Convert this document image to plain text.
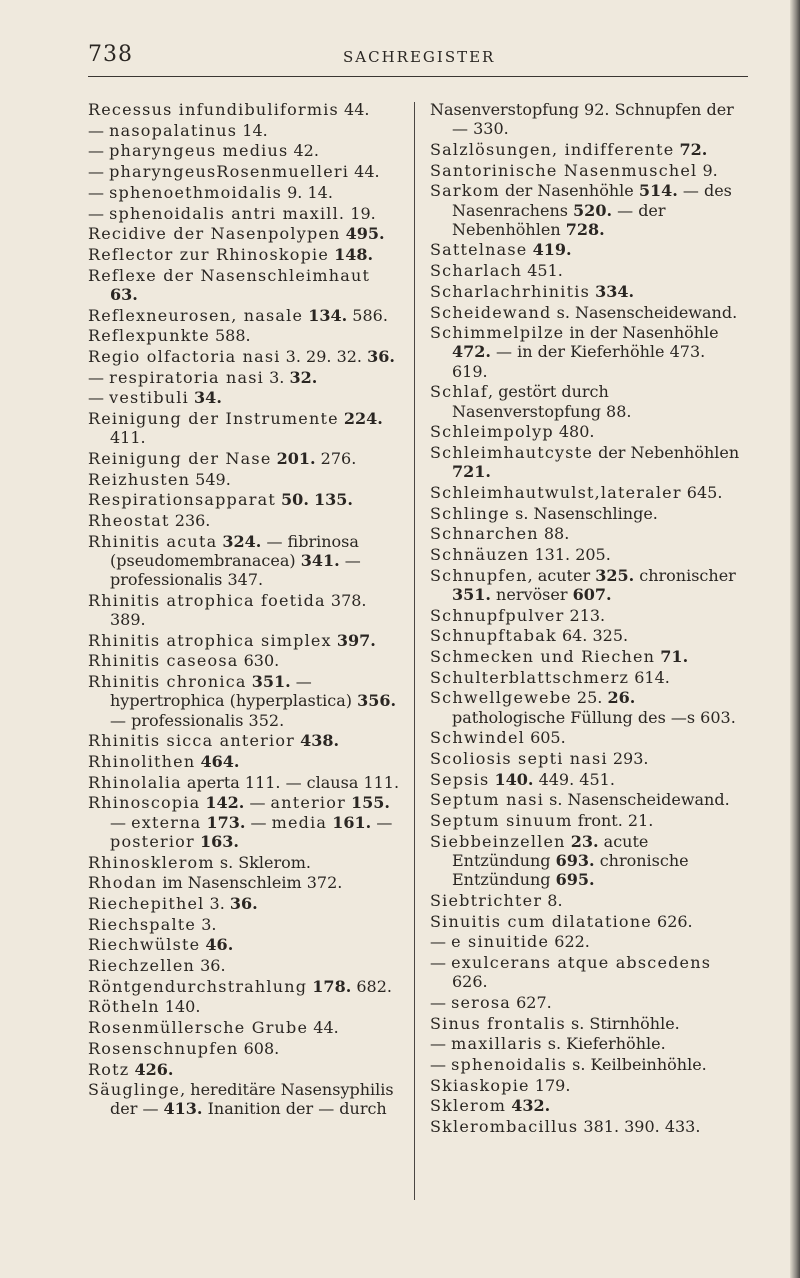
738	SACHREGISTER
Recessus infundibuliformis 44.
— nasopalatinus 14.
— pharyngeus medius 42.
— pharyngeusRosenmuelleri 44.
— sphenoethmoidalis 9. 14.
— sphenoidalis antri maxill. 19.
Recidive der Nasenpolypen 495.
Reflector zur Rhinoskopie 148.
Reflexe der Nasenschleimhaut 63.
Reflexneurosen, nasale 134. 586.
Reflexpunkte 588.
Regio olfactoria nasi 3. 29. 32. 36.
— respiratoria nasi 3. 32.
— vestibuli 34.
Reinigung der Instrumente 224. 411.
Reinigung der Nase 201. 276.
Reizhusten 549.
Respirationsapparat 50. 135.
Rheostat 236.
Rhinitis acuta 324. — fibrinosa (pseudomembranacea) 341. — professionalis 347.
Rhinitis atrophica foetida 378. 389.
Rhinitis atrophica simplex 397.
Rhinitis caseosa 630.
Rhinitis chronica 351. — hypertrophica (hyperplastica) 356. — professionalis 352.
Rhinitis sicca anterior 438.
Rhinolithen 464.
Rhinolalia aperta 111. — clausa 111.
Rhinoscopia 142. — anterior 155. — externa 173. — media 161. — posterior 163.
Rhinosklerom s. Sklerom.
Rhodan im Nasenschleim 372.
Riechepithel 3. 36.
Riechspalte 3.
Riechwülste 46.
Riechzellen 36.
Röntgendurchstrahlung 178. 682.
Rötheln 140.
Rosenmüllersche Grube 44.
Rosenschnupfen 608.
Rotz 426.
Säuglinge, hereditäre Nasensyphilis der — 413. Inanition der — durch
Nasenverstopfung 92. Schnupfen der — 330.
Salzlösungen, indifferente 72.
Santorinische Nasenmuschel 9.
Sarkom der Nasenhöhle 514. — des Nasenrachens 520. — der Nebenhöhlen 728.
Sattelnase 419.
Scharlach 451.
Scharlachrhinitis 334.
Scheidewand s. Nasenscheidewand.
Schimmelpilze in der Nasenhöhle 472. — in der Kieferhöhle 473. 619.
Schlaf, gestört durch Nasenverstopfung 88.
Schleimpolyp 480.
Schleimhautcyste der Nebenhöhlen 721.
Schleimhautwulst,lateraler 645.
Schlinge s. Nasenschlinge.
Schnarchen 88.
Schnäuzen 131. 205.
Schnupfen, acuter 325. chronischer 351. nervöser 607.
Schnupfpulver 213.
Schnupftabak 64. 325.
Schmecken und Riechen 71.
Schulterblattschmerz 614.
Schwellgewebe 25. 26. pathologische Füllung des —s 603.
Schwindel 605.
Scoliosis septi nasi 293.
Sepsis 140. 449. 451.
Septum nasi s. Nasenscheidewand.
Septum sinuum front. 21.
Siebbeinzellen 23. acute Entzündung 693. chronische Entzündung 695.
Siebtrichter 8.
Sinuitis cum dilatatione 626.
— e sinuitide 622.
— exulcerans atque abscedens 626.
— serosa 627.
Sinus frontalis s. Stirnhöhle.
— maxillaris s. Kieferhöhle.
— sphenoidalis s. Keilbeinhöhle.
Skiaskopie 179.
Sklerom 432.
Sklerombacillus 381. 390. 433.
